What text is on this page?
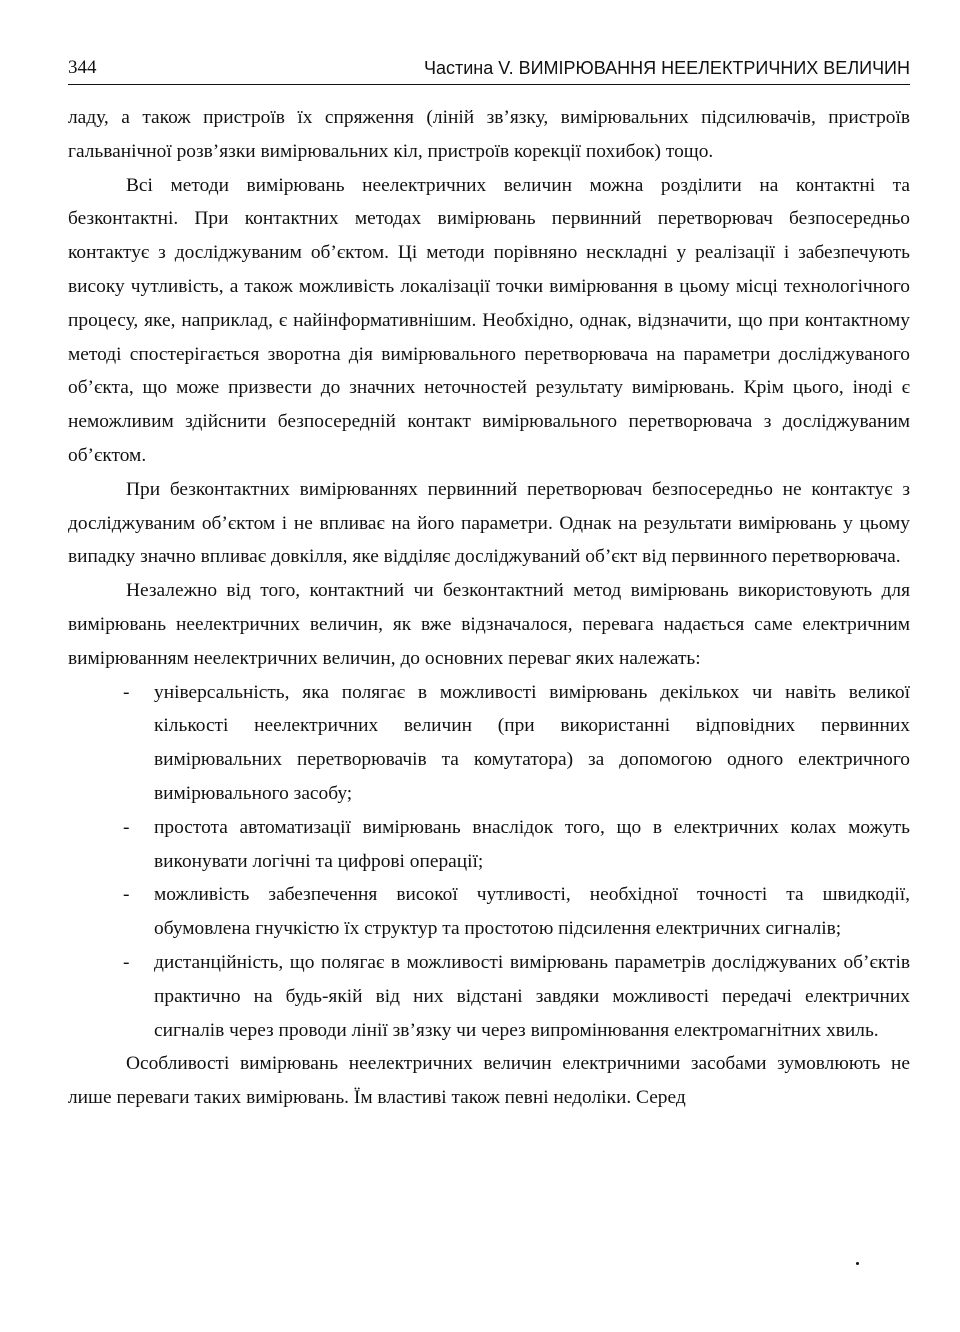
344	Частина V. ВИМІРЮВАННЯ НЕЕЛЕКТРИЧНИХ ВЕЛИЧИН

ладу, а також пристроїв їх спряження (ліній зв’язку, вимірювальних підсилювачів, пристроїв гальванічної розв’язки вимірювальних кіл, пристроїв корекції похибок) тощо.

Всі методи вимірювань неелектричних величин можна розділити на контактні та безконтактні. При контактних методах вимірювань первинний перетворювач безпосередньо контактує з досліджуваним об’єктом. Ці методи порівняно нескладні у реалізації і забезпечують високу чутливість, а також можливість локалізації точки вимірювання в цьому місці технологічного процесу, яке, наприклад, є найінформативнішим. Необхідно, однак, відзначити, що при контактному методі спостерігається зворотна дія вимірювального перетворювача на параметри досліджуваного об’єкта, що може призвести до значних неточностей результату вимірювань. Крім цього, іноді є неможливим здійснити безпосередній контакт вимірювального перетворювача з досліджуваним об’єктом.

При безконтактних вимірюваннях первинний перетворювач безпосередньо не контактує з досліджуваним об’єктом і не впливає на його параметри. Однак на результати вимірювань у цьому випадку значно впливає довкілля, яке відділяє досліджуваний об’єкт від первинного перетворювача.

Незалежно від того, контактний чи безконтактний метод вимірювань використовують для вимірювань неелектричних величин, як вже відзначалося, перевага надається саме електричним вимірюванням неелектричних величин, до основних переваг яких належать:

- універсальність, яка полягає в можливості вимірювань декількох чи навіть великої кількості неелектричних величин (при використанні відповідних первинних вимірювальних перетворювачів та комутатора) за допомогою одного електричного вимірювального засобу;
- простота автоматизації вимірювань внаслідок того, що в електричних колах можуть виконувати логічні та цифрові операції;
- можливість забезпечення високої чутливості, необхідної точності та швидкодії, обумовлена гнучкістю їх структур та простотою підсилення електричних сигналів;
- дистанційність, що полягає в можливості вимірювань параметрів досліджуваних об’єктів практично на будь-якій від них відстані завдяки можливості передачі електричних сигналів через проводи лінії зв’язку чи через випромінювання електромагнітних хвиль.

Особливості вимірювань неелектричних величин електричними засобами зумовлюють не лише переваги таких вимірювань. Їм властиві також певні недоліки. Серед
